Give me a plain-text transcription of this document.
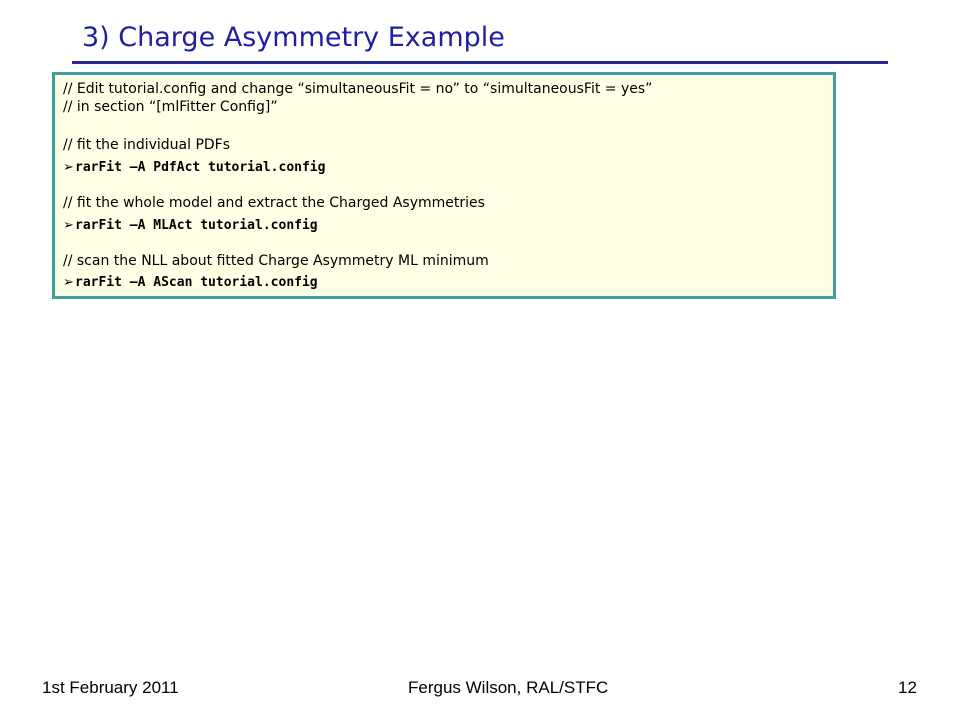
3) Charge Asymmetry Example
// Edit tutorial.config and change “simultaneousFit = no” to “simultaneousFit = yes”
// in section “[mlFitter Config]”
// fit the individual PDFs
➢rarFit –A PdfAct tutorial.config
// fit the whole model and extract the Charged Asymmetries
➢rarFit –A MLAct tutorial.config
// scan the NLL about fitted Charge Asymmetry ML minimum
➢rarFit –A AScan tutorial.config
1st February 2011	Fergus Wilson, RAL/STFC	12
